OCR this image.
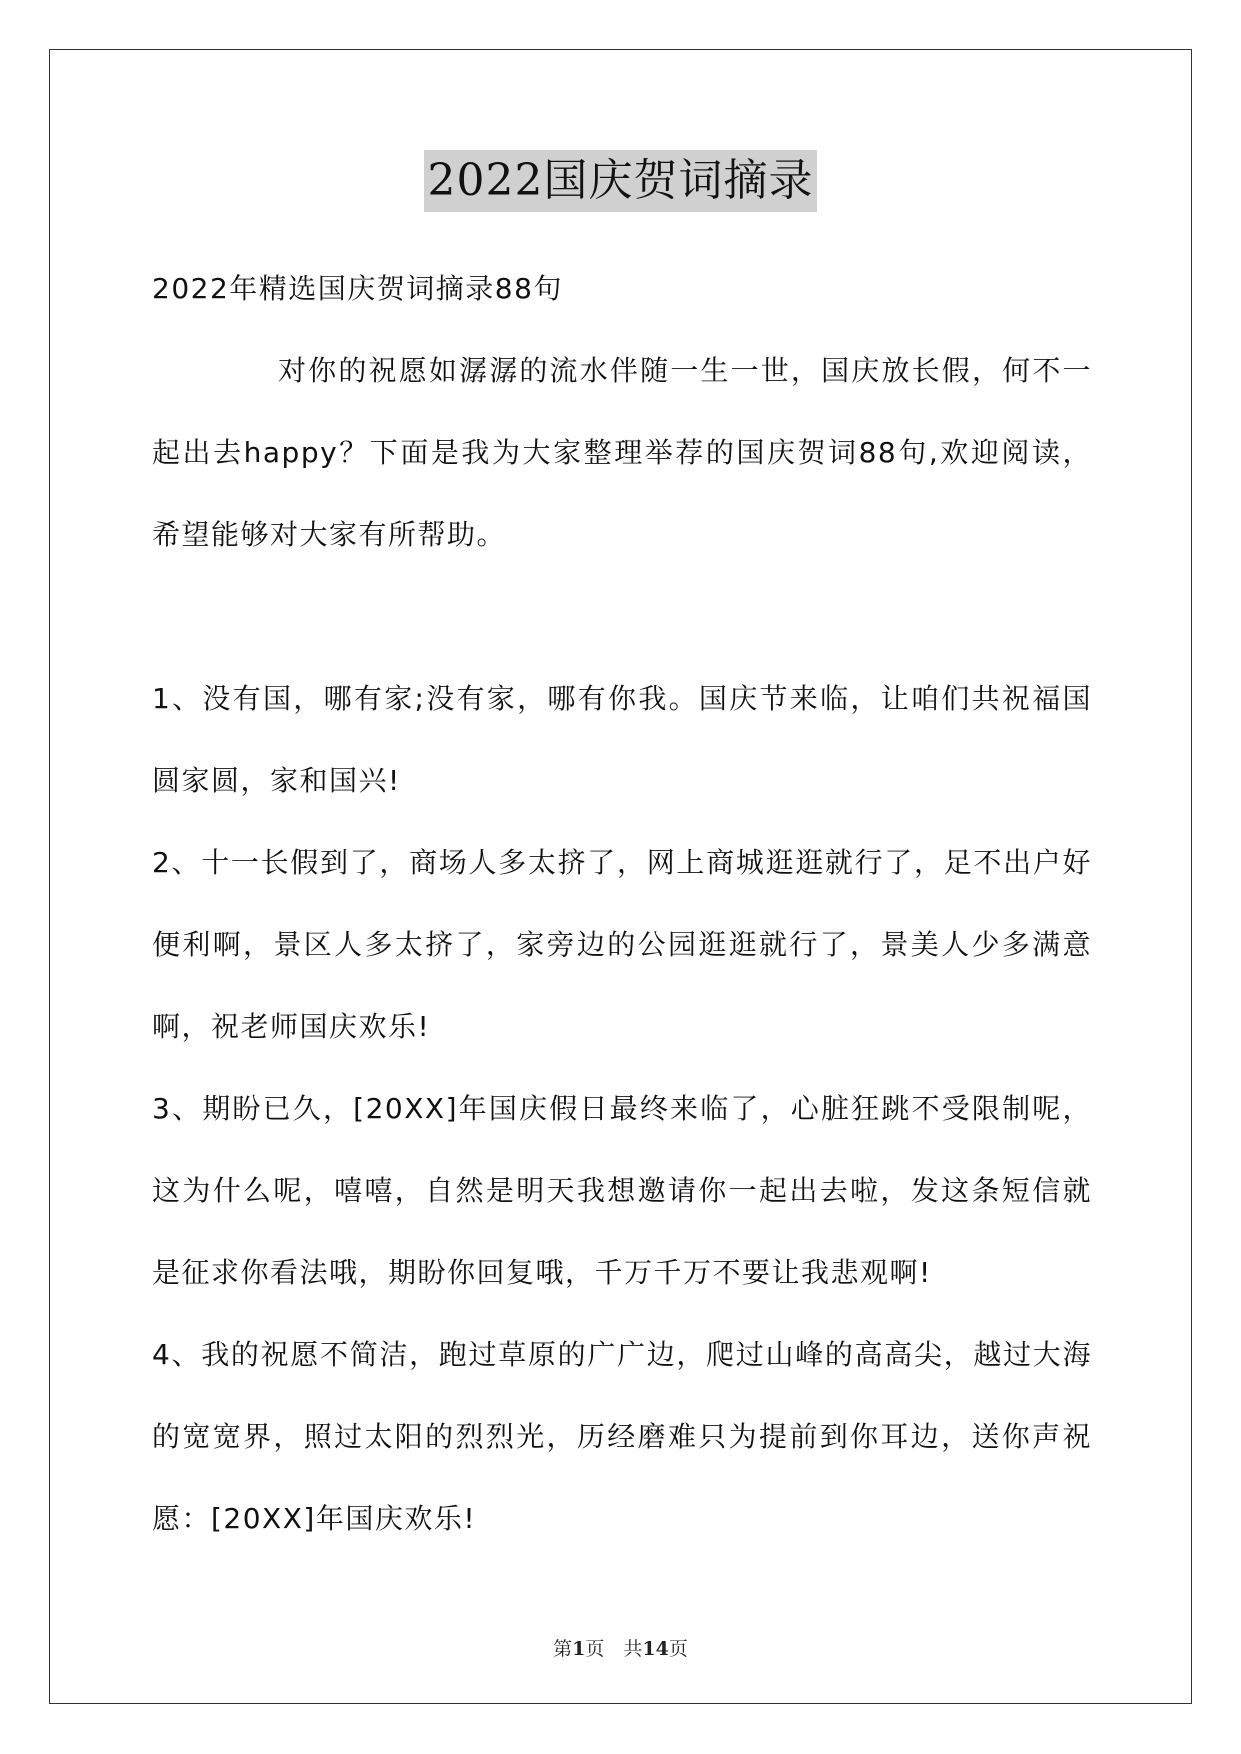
2022国庆贺词摘录

2022年精选国庆贺词摘录88句

对你的祝愿如潺潺的流水伴随一生一世，国庆放长假，何不一起出去happy？下面是我为大家整理举荐的国庆贺词88句,欢迎阅读，希望能够对大家有所帮助。

1、没有国，哪有家;没有家，哪有你我。国庆节来临，让咱们共祝福国圆家圆，家和国兴!

2、十一长假到了，商场人多太挤了，网上商城逛逛就行了，足不出户好便利啊，景区人多太挤了，家旁边的公园逛逛就行了，景美人少多满意啊，祝老师国庆欢乐!

3、期盼已久，[20XX]年国庆假日最终来临了，心脏狂跳不受限制呢，这为什么呢，嘻嘻，自然是明天我想邀请你一起出去啦，发这条短信就是征求你看法哦，期盼你回复哦，千万千万不要让我悲观啊!

4、我的祝愿不简洁，跑过草原的广广边，爬过山峰的高高尖，越过大海的宽宽界，照过太阳的烈烈光，历经磨难只为提前到你耳边，送你声祝愿：[20XX]年国庆欢乐!

第1页　共14页
